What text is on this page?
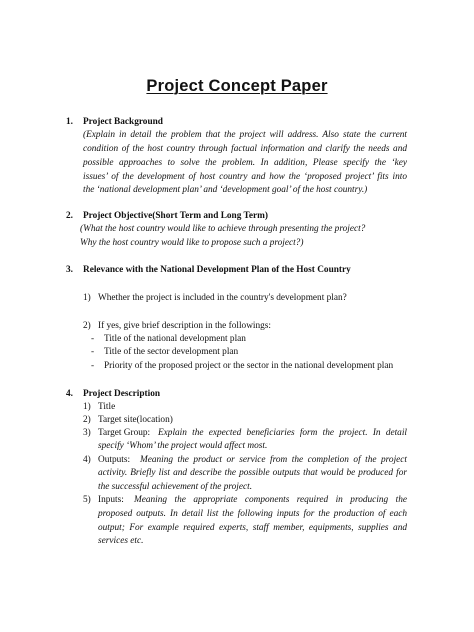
Project Concept Paper
1. Project Background
(Explain in detail the problem that the project will address. Also state the current
condition of the host country through factual information and clarify the needs and
possible approaches to solve the problem. In addition, Please specify the ‘key
issues’ of the development of host country and how the ‘proposed project’ fits into
the ‘national development plan’ and ‘development goal’ of the host country.)
2. Project Objective(Short Term and Long Term)
(What the host country would like to achieve through presenting the project?
Why the host country would like to propose such a project?)
3. Relevance with the National Development Plan of the Host Country
1) Whether the project is included in the country's development plan?
2) If yes, give brief description in the followings:
- Title of the national development plan
- Title of the sector development plan
- Priority of the proposed project or the sector in the national development plan
4. Project Description
1) Title
2) Target site(location)
3) Target Group: Explain the expected beneficiaries form the project. In detail
specify ‘Whom’ the project would affect most.
4) Outputs: Meaning the product or service from the completion of the project
activity. Briefly list and describe the possible outputs that would be produced for
the successful achievement of the project.
5) Inputs: Meaning the appropriate components required in producing the
proposed outputs. In detail list the following inputs for the production of each
output; For example required experts, staff member, equipments, supplies and
services etc.
